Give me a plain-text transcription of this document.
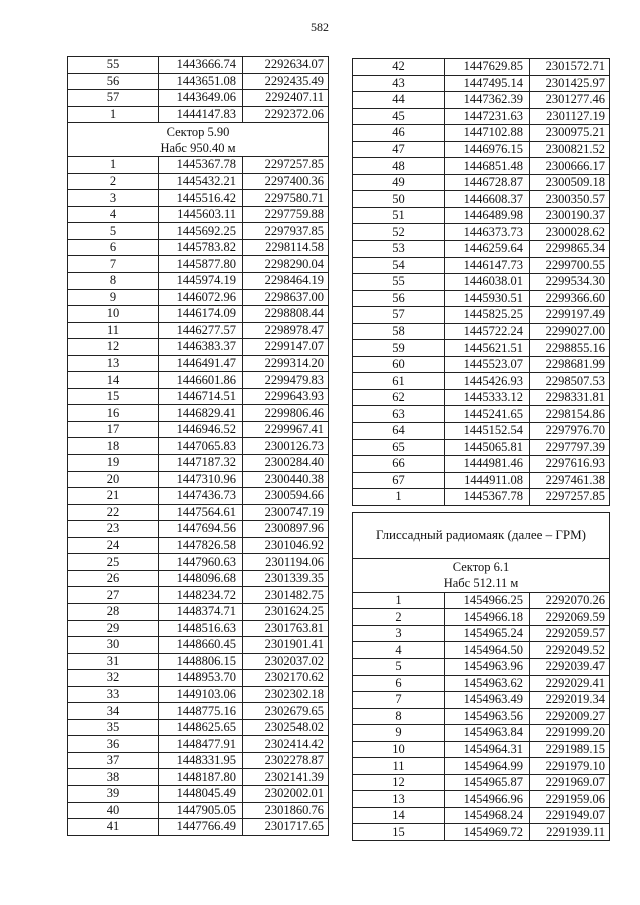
582
55	1443666.74	2292634.07
56	1443651.08	2292435.49
57	1443649.06	2292407.11
1	1444147.83	2292372.06

Сектор 5.90
Набс 950.40 м		

1	1445367.78	2297257.85
2	1445432.21	2297400.36
3	1445516.42	2297580.71
4	1445603.11	2297759.88
5	1445692.25	2297937.85
6	1445783.82	2298114.58
7	1445877.80	2298290.04
8	1445974.19	2298464.19
9	1446072.96	2298637.00
10	1446174.09	2298808.44
11	1446277.57	2298978.47
12	1446383.37	2299147.07
13	1446491.47	2299314.20
14	1446601.86	2299479.83
15	1446714.51	2299643.93
16	1446829.41	2299806.46
17	1446946.52	2299967.41
18	1447065.83	2300126.73
19	1447187.32	2300284.40
20	1447310.96	2300440.38
21	1447436.73	2300594.66
22	1447564.61	2300747.19
23	1447694.56	2300897.96
24	1447826.58	2301046.92
25	1447960.63	2301194.06
26	1448096.68	2301339.35
27	1448234.72	2301482.75
28	1448374.71	2301624.25
29	1448516.63	2301763.81
30	1448660.45	2301901.41
31	1448806.15	2302037.02
32	1448953.70	2302170.62
33	1449103.06	2302302.18
34	1448775.16	2302679.65
35	1448625.65	2302548.02
36	1448477.91	2302414.42
37	1448331.95	2302278.87
38	1448187.80	2302141.39
39	1448045.49	2302002.01
40	1447905.05	2301860.76
41	1447766.49	2301717.65
42	1447629.85	2301572.71
43	1447495.14	2301425.97
44	1447362.39	2301277.46
45	1447231.63	2301127.19
46	1447102.88	2300975.21
47	1446976.15	2300821.52
48	1446851.48	2300666.17
49	1446728.87	2300509.18
50	1446608.37	2300350.57
51	1446489.98	2300190.37
52	1446373.73	2300028.62
53	1446259.64	2299865.34
54	1446147.73	2299700.55
55	1446038.01	2299534.30
56	1445930.51	2299366.60
57	1445825.25	2299197.49
58	1445722.24	2299027.00
59	1445621.51	2298855.16
60	1445523.07	2298681.99
61	1445426.93	2298507.53
62	1445333.12	2298331.81
63	1445241.65	2298154.86
64	1445152.54	2297976.70
65	1445065.81	2297797.39
66	1444981.46	2297616.93
67	1444911.08	2297461.38
1	1445367.78	2297257.85

Глиссадный радиомаяк (далее – ГРМ)		

Сектор 6.1
Набс 512.11 м		

1	1454966.25	2292070.26
2	1454966.18	2292069.59
3	1454965.24	2292059.57
4	1454964.50	2292049.52
5	1454963.96	2292039.47
6	1454963.62	2292029.41
7	1454963.49	2292019.34
8	1454963.56	2292009.27
9	1454963.84	2291999.20
10	1454964.31	2291989.15
11	1454964.99	2291979.10
12	1454965.87	2291969.07
13	1454966.96	2291959.06
14	1454968.24	2291949.07
15	1454969.72	2291939.11
